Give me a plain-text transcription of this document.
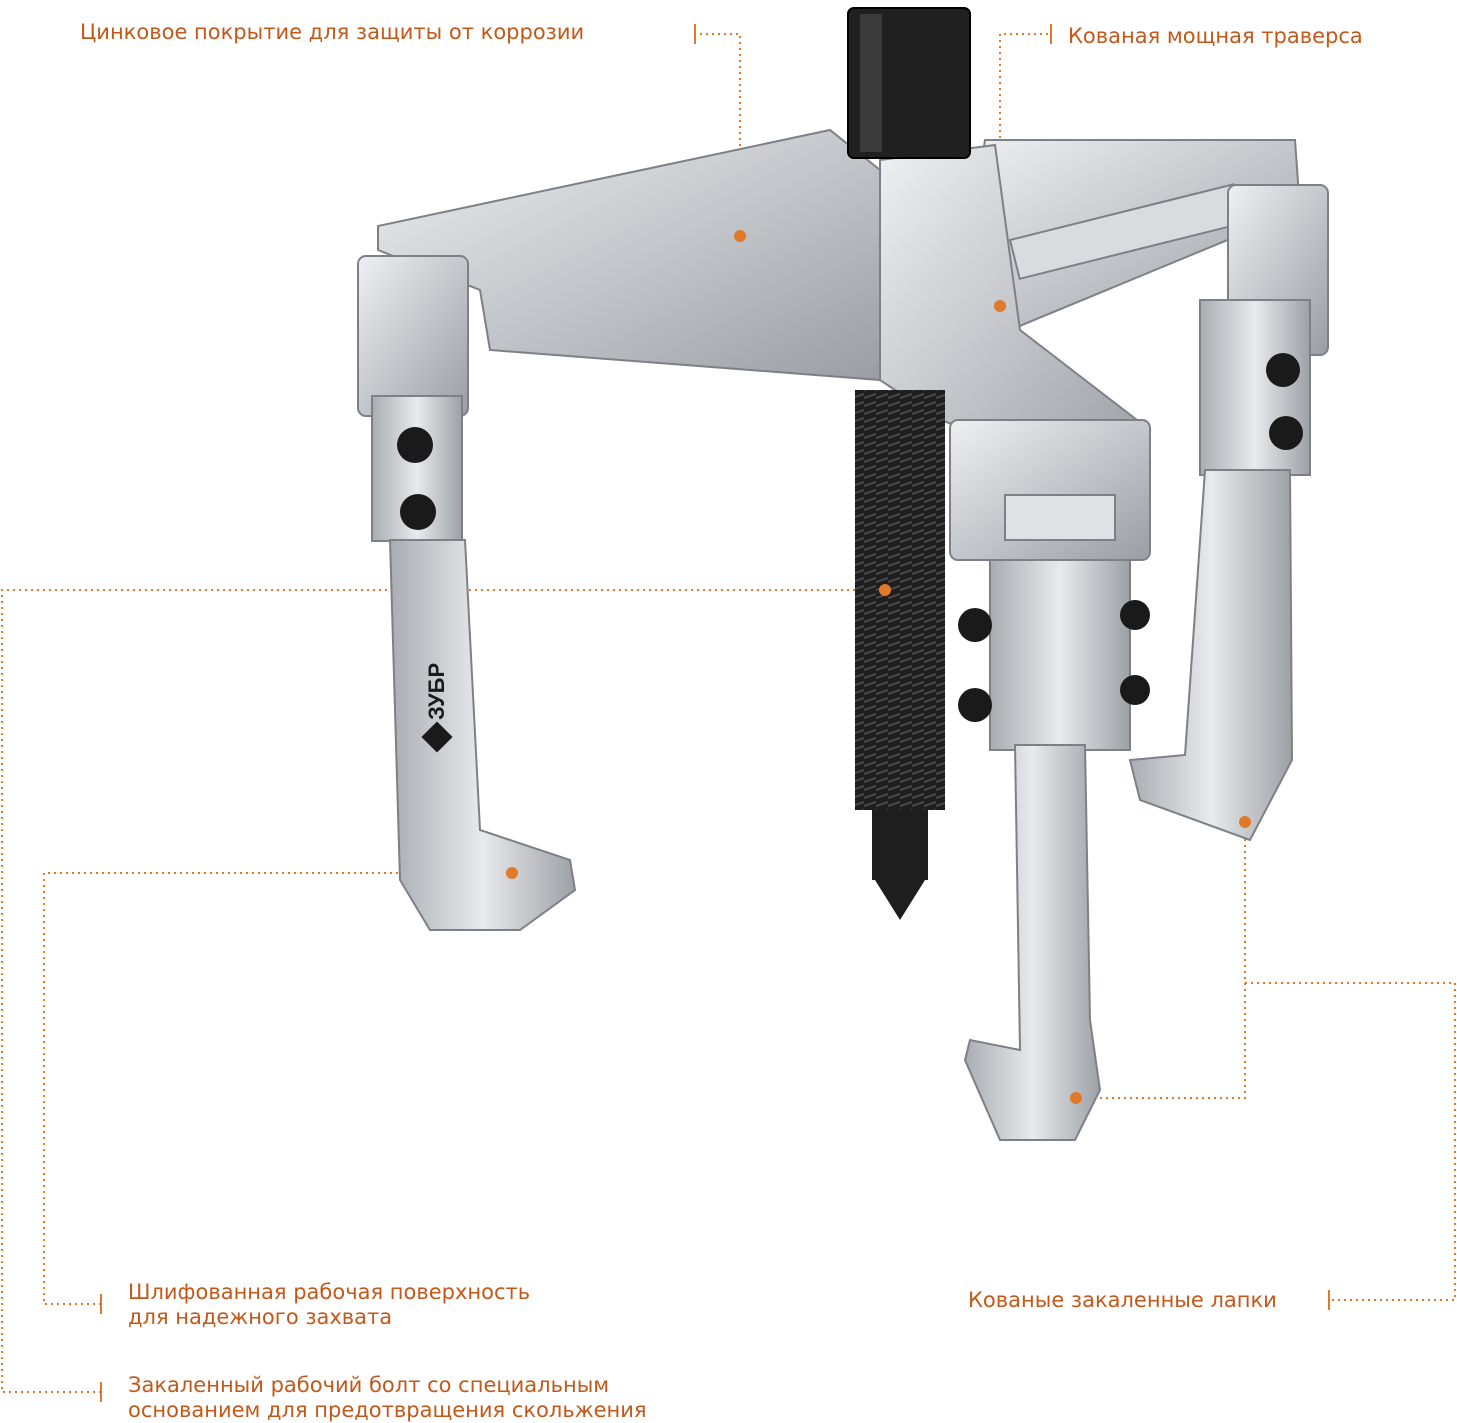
ЗУБР
Цинковое покрытие для защиты от коррозии	Кованая мощная траверса
Шлифованная рабочая поверхность
для надежного захвата
Кованые закаленные лапки
Закаленный рабочий болт со специальным
основанием для предотвращения скольжения
